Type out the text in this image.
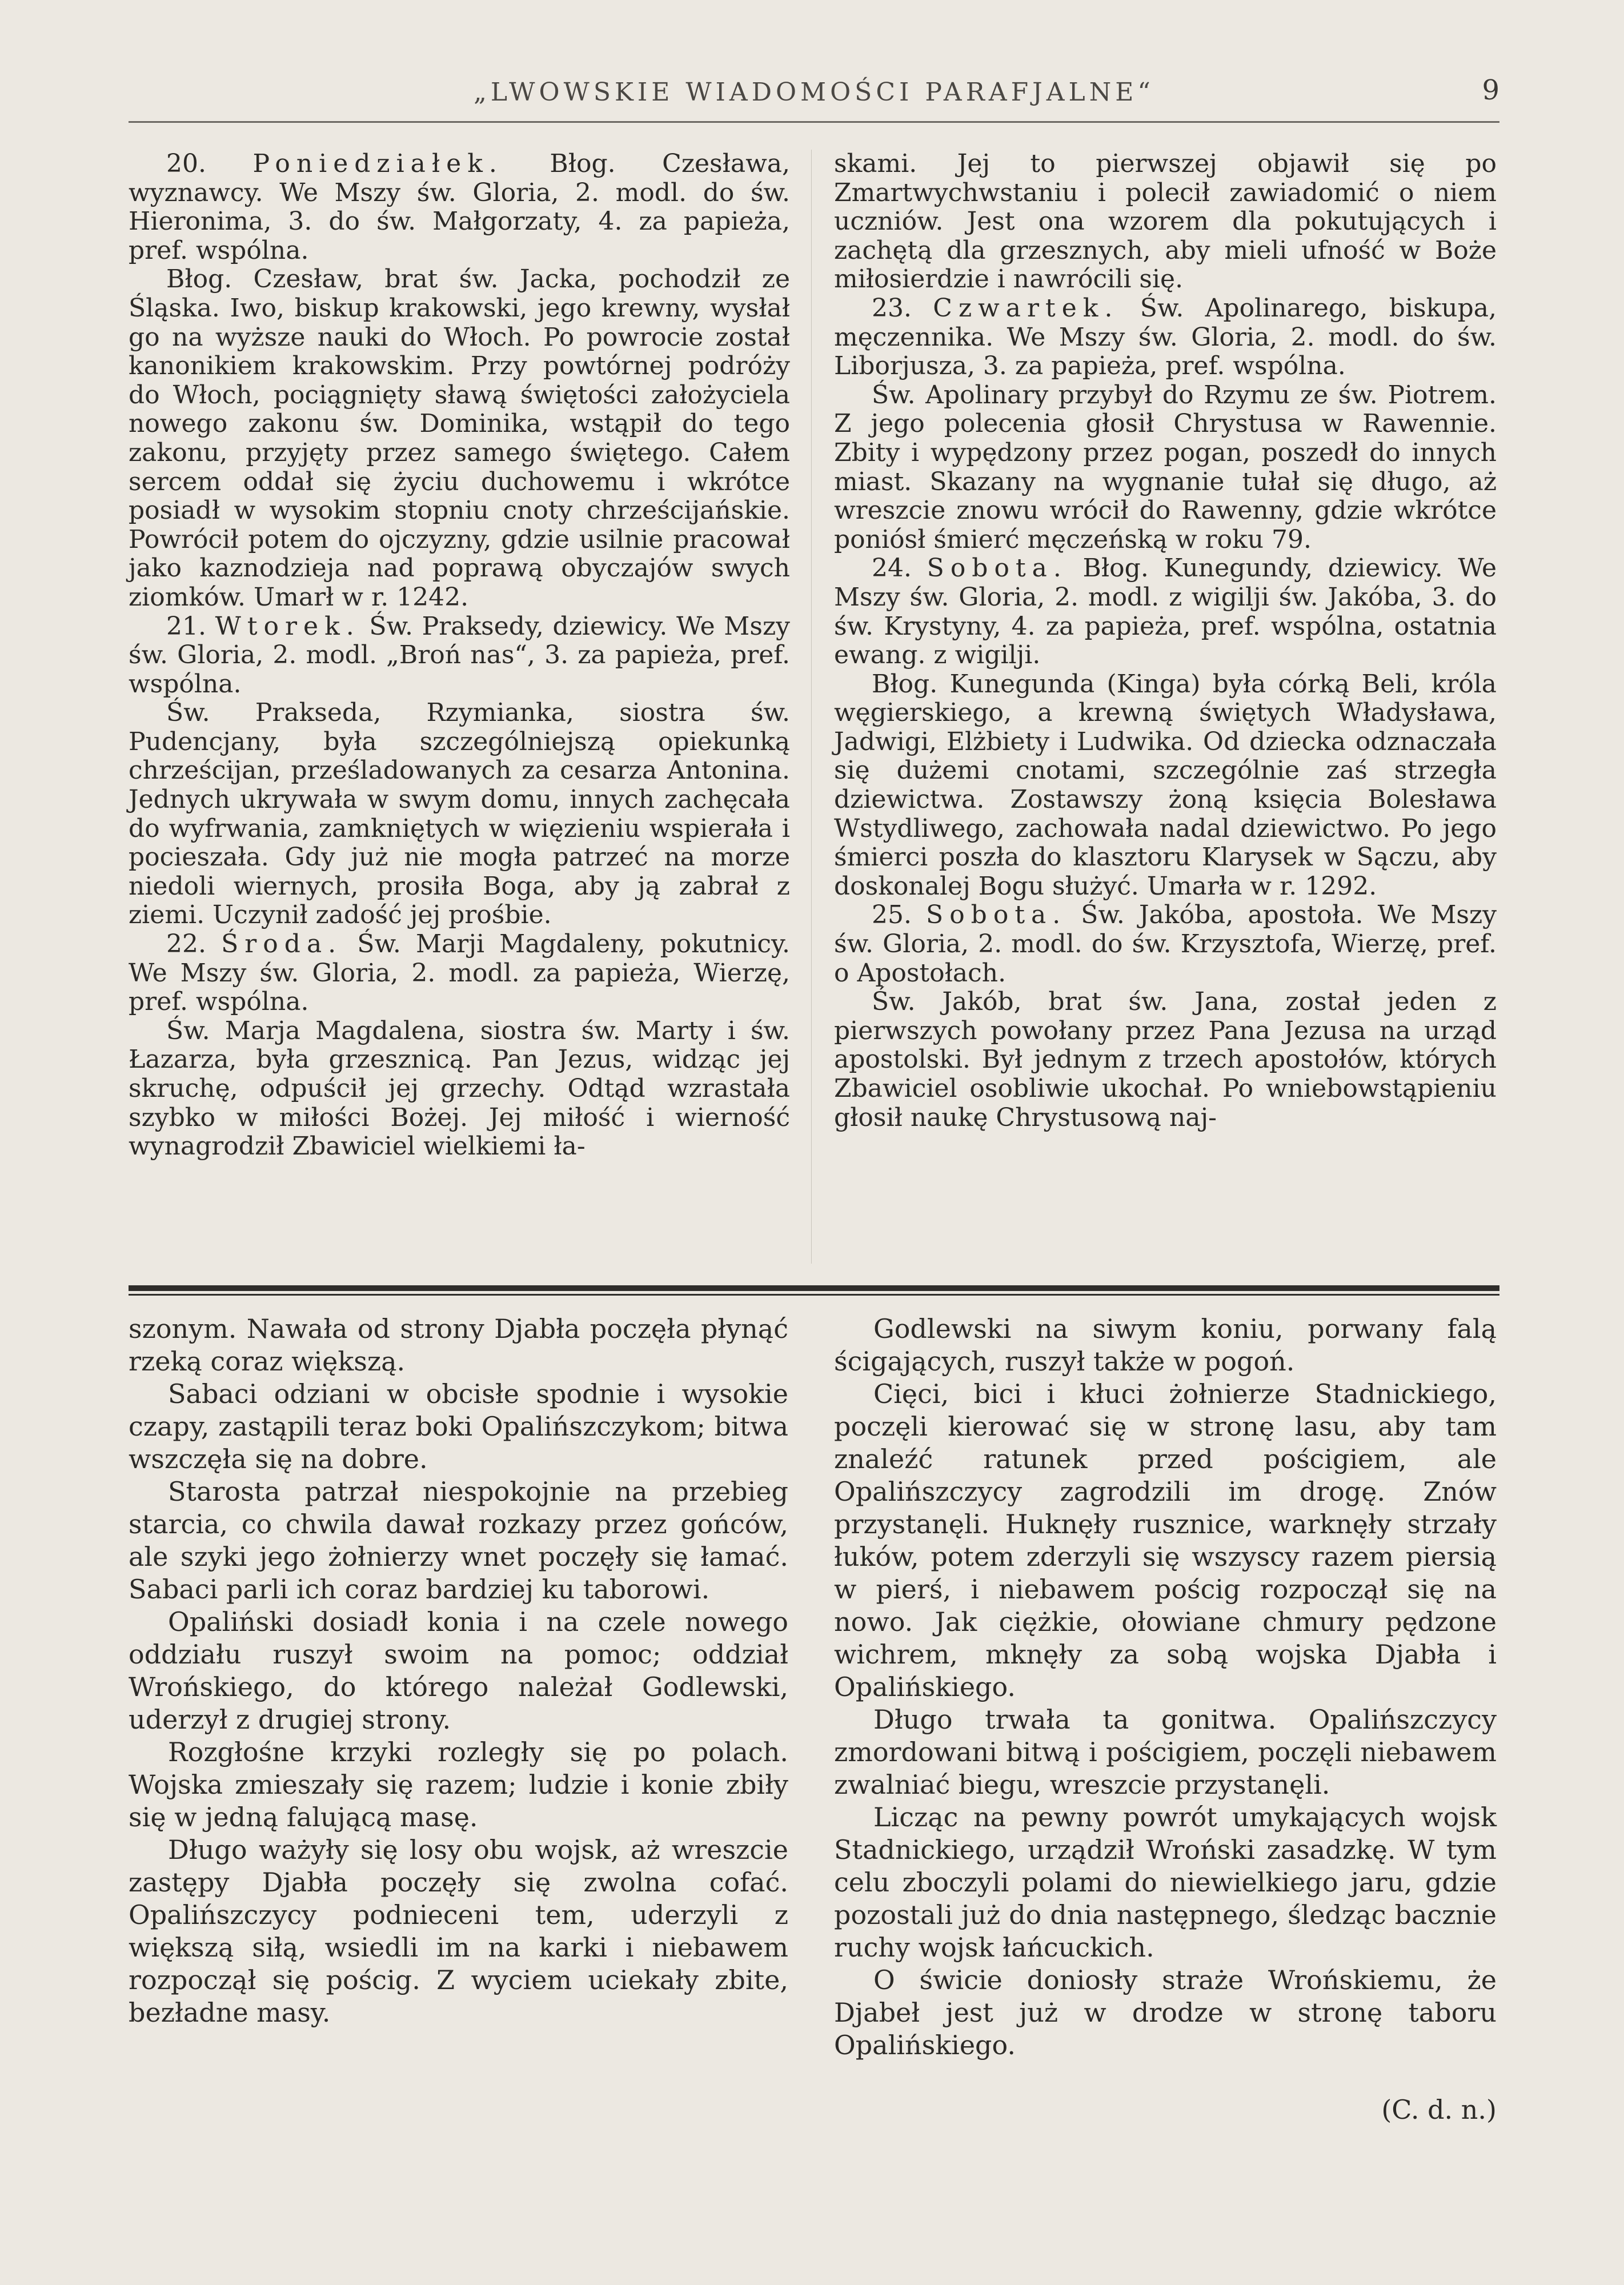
„LWOWSKIE WIADOMOŚCI PARAFJALNE“	9

20. Poniedziałek. Błog. Czesława, wyznawcy. We Mszy św. Gloria, 2. modl. do św. Hieronima, 3. do św. Małgorzaty, 4. za papieża, pref. wspólna.

Błog. Czesław, brat św. Jacka, pochodził ze Śląska. Iwo, biskup krakowski, jego krewny, wysłał go na wyższe nauki do Włoch. Po powrocie został kanonikiem krakowskim. Przy powtórnej podróży do Włoch, pociągnięty sławą świętości założyciela nowego zakonu św. Dominika, wstąpił do tego zakonu, przyjęty przez samego świętego. Całem sercem oddał się życiu duchowemu i wkrótce posiadł w wysokim stopniu cnoty chrześcijańskie. Powrócił potem do ojczyzny, gdzie usilnie pracował jako kaznodzieja nad poprawą obyczajów swych ziomków. Umarł w r. 1242.

21. Wtorek. Św. Praksedy, dziewicy. We Mszy św. Gloria, 2. modl. „Broń nas“, 3. za papieża, pref. wspólna.

Św. Prakseda, Rzymianka, siostra św. Pudencjany, była szczególniejszą opiekunką chrześcijan, prześladowanych za cesarza Antonina. Jednych ukrywała w swym domu, innych zachęcała do wyfrwania, zamkniętych w więzieniu wspierała i pocieszała. Gdy już nie mogła patrzeć na morze niedoli wiernych, prosiła Boga, aby ją zabrał z ziemi. Uczynił zadość jej prośbie.

22. Środa. Św. Marji Magdaleny, pokutnicy. We Mszy św. Gloria, 2. modl. za papieża, Wierzę, pref. wspólna.

Św. Marja Magdalena, siostra św. Marty i św. Łazarza, była grzesznicą. Pan Jezus, widząc jej skruchę, odpuścił jej grzechy. Odtąd wzrastała szybko w miłości Bożej. Jej miłość i wierność wynagrodził Zbawiciel wielkiemi ła-

skami. Jej to pierwszej objawił się po Zmartwychwstaniu i polecił zawiadomić o niem uczniów. Jest ona wzorem dla pokutujących i zachętą dla grzesznych, aby mieli ufność w Boże miłosierdzie i nawrócili się.

23. Czwartek. Św. Apolinarego, biskupa, męczennika. We Mszy św. Gloria, 2. modl. do św. Liborjusza, 3. za papieża, pref. wspólna.

Św. Apolinary przybył do Rzymu ze św. Piotrem. Z jego polecenia głosił Chrystusa w Rawennie. Zbity i wypędzony przez pogan, poszedł do innych miast. Skazany na wygnanie tułał się długo, aż wreszcie znowu wrócił do Rawenny, gdzie wkrótce poniósł śmierć męczeńską w roku 79.

24. Sobota. Błog. Kunegundy, dziewicy. We Mszy św. Gloria, 2. modl. z wigilji św. Jakóba, 3. do św. Krystyny, 4. za papieża, pref. wspólna, ostatnia ewang. z wigilji.

Błog. Kunegunda (Kinga) była córką Beli, króla węgierskiego, a krewną świętych Władysława, Jadwigi, Elżbiety i Ludwika. Od dziecka odznaczała się dużemi cnotami, szczególnie zaś strzegła dziewictwa. Zostawszy żoną księcia Bolesława Wstydliwego, zachowała nadal dziewictwo. Po jego śmierci poszła do klasztoru Klarysek w Sączu, aby doskonalej Bogu służyć. Umarła w r. 1292.

25. Sobota. Św. Jakóba, apostoła. We Mszy św. Gloria, 2. modl. do św. Krzysztofa, Wierzę, pref. o Apostołach.

Św. Jakób, brat św. Jana, został jeden z pierwszych powołany przez Pana Jezusa na urząd apostolski. Był jednym z trzech apostołów, których Zbawiciel osobliwie ukochał. Po wniebowstąpieniu głosił naukę Chrystusową naj-

szonym. Nawała od strony Djabła poczęła płynąć rzeką coraz większą.

Sabaci odziani w obcisłe spodnie i wysokie czapy, zastąpili teraz boki Opalińszczykom; bitwa wszczęła się na dobre.

Starosta patrzał niespokojnie na przebieg starcia, co chwila dawał rozkazy przez gońców, ale szyki jego żołnierzy wnet poczęły się łamać. Sabaci parli ich coraz bardziej ku taborowi.

Opaliński dosiadł konia i na czele nowego oddziału ruszył swoim na pomoc; oddział Wrońskiego, do którego należał Godlewski, uderzył z drugiej strony.

Rozgłośne krzyki rozległy się po polach. Wojska zmieszały się razem; ludzie i konie zbiły się w jedną falującą masę.

Długo ważyły się losy obu wojsk, aż wreszcie zastępy Djabła poczęły się zwolna cofać. Opalińszczycy podnieceni tem, uderzyli z większą siłą, wsiedli im na karki i niebawem rozpoczął się pościg. Z wyciem uciekały zbite, bezładne masy.

Godlewski na siwym koniu, porwany falą ścigających, ruszył także w pogoń.

Cięci, bici i kłuci żołnierze Stadnickiego, poczęli kierować się w stronę lasu, aby tam znaleźć ratunek przed pościgiem, ale Opalińszczycy zagrodzili im drogę. Znów przystanęli. Huknęły rusznice, warknęły strzały łuków, potem zderzyli się wszyscy razem piersią w pierś, i niebawem pościg rozpoczął się na nowo. Jak ciężkie, ołowiane chmury pędzone wichrem, mknęły za sobą wojska Djabła i Opalińskiego.

Długo trwała ta gonitwa. Opalińszczycy zmordowani bitwą i pościgiem, poczęli niebawem zwalniać biegu, wreszcie przystanęli.

Licząc na pewny powrót umykających wojsk Stadnickiego, urządził Wroński zasadzkę. W tym celu zboczyli polami do niewielkiego jaru, gdzie pozostali już do dnia następnego, śledząc bacznie ruchy wojsk łańcuckich.

O świcie doniosły straże Wrońskiemu, że Djabeł jest już w drodze w stronę taboru Opalińskiego.

(C. d. n.)
